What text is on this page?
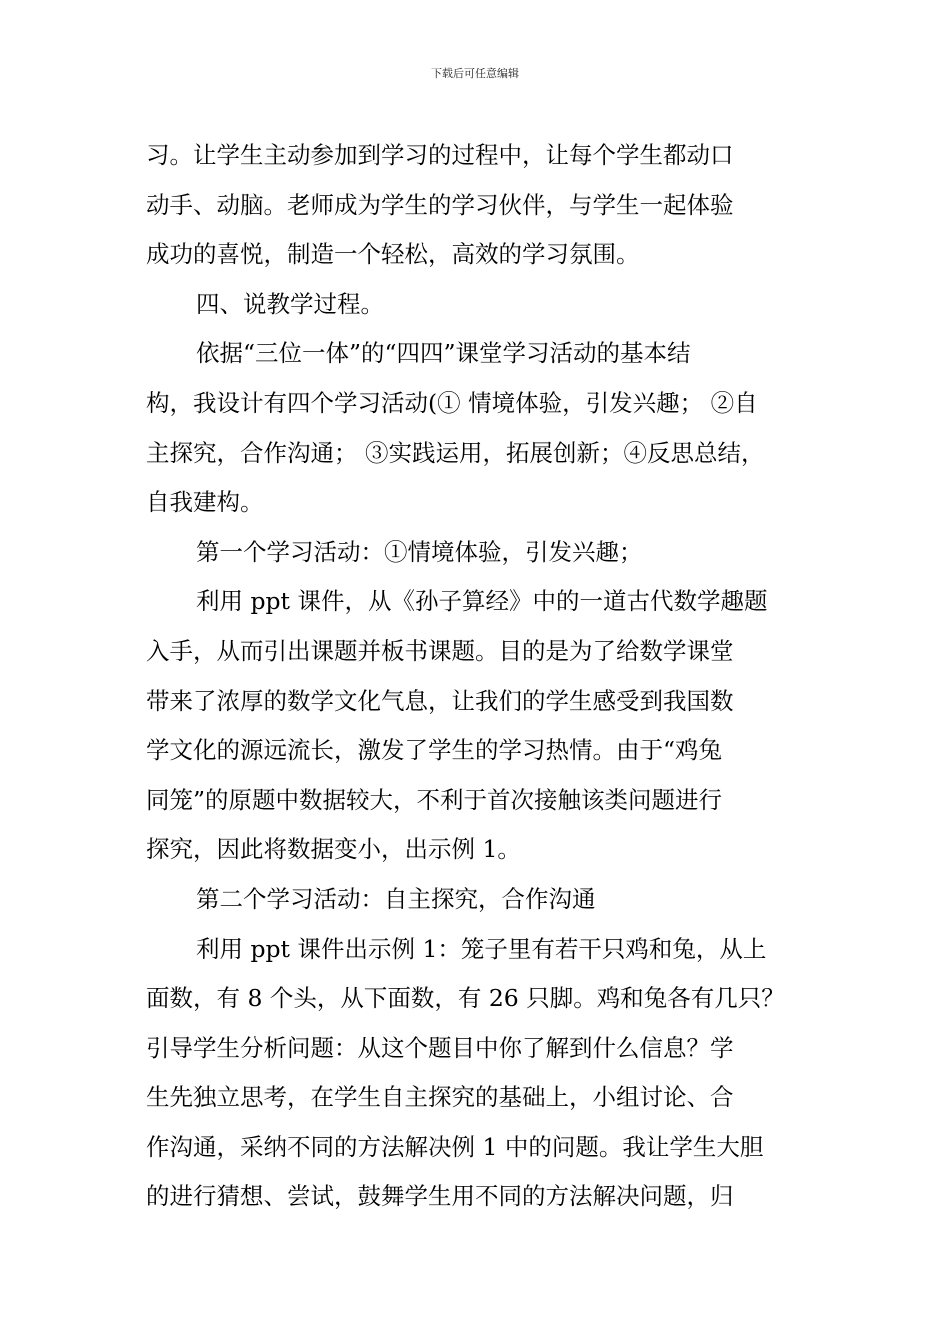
下载后可任意编辑
习。让学生主动参加到学习的过程中，让每个学生都动口
动手、动脑。老师成为学生的学习伙伴，与学生一起体验
成功的喜悦，制造一个轻松，高效的学习氛围。
四、说教学过程。
依据“三位一体”的“四四”课堂学习活动的基本结
构，我设计有四个学习活动(① 情境体验，引发兴趣； ②自
主探究，合作沟通； ③实践运用，拓展创新；④反思总结，
自我建构。
第一个学习活动：①情境体验，引发兴趣；
利用 ppt 课件，从《孙子算经》中的一道古代数学趣题
入手，从而引出课题并板书课题。目的是为了给数学课堂
带来了浓厚的数学文化气息，让我们的学生感受到我国数
学文化的源远流长，激发了学生的学习热情。由于“鸡兔
同笼”的原题中数据较大，不利于首次接触该类问题进行
探究，因此将数据变小，出示例 1。
第二个学习活动：自主探究，合作沟通
利用 ppt 课件出示例 1：笼子里有若干只鸡和兔，从上
面数，有 8 个头，从下面数，有 26 只脚。鸡和兔各有几只？
引导学生分析问题：从这个题目中你了解到什么信息？学
生先独立思考，在学生自主探究的基础上，小组讨论、合
作沟通，采纳不同的方法解决例 1 中的问题。我让学生大胆
的进行猜想、尝试，鼓舞学生用不同的方法解决问题，归
